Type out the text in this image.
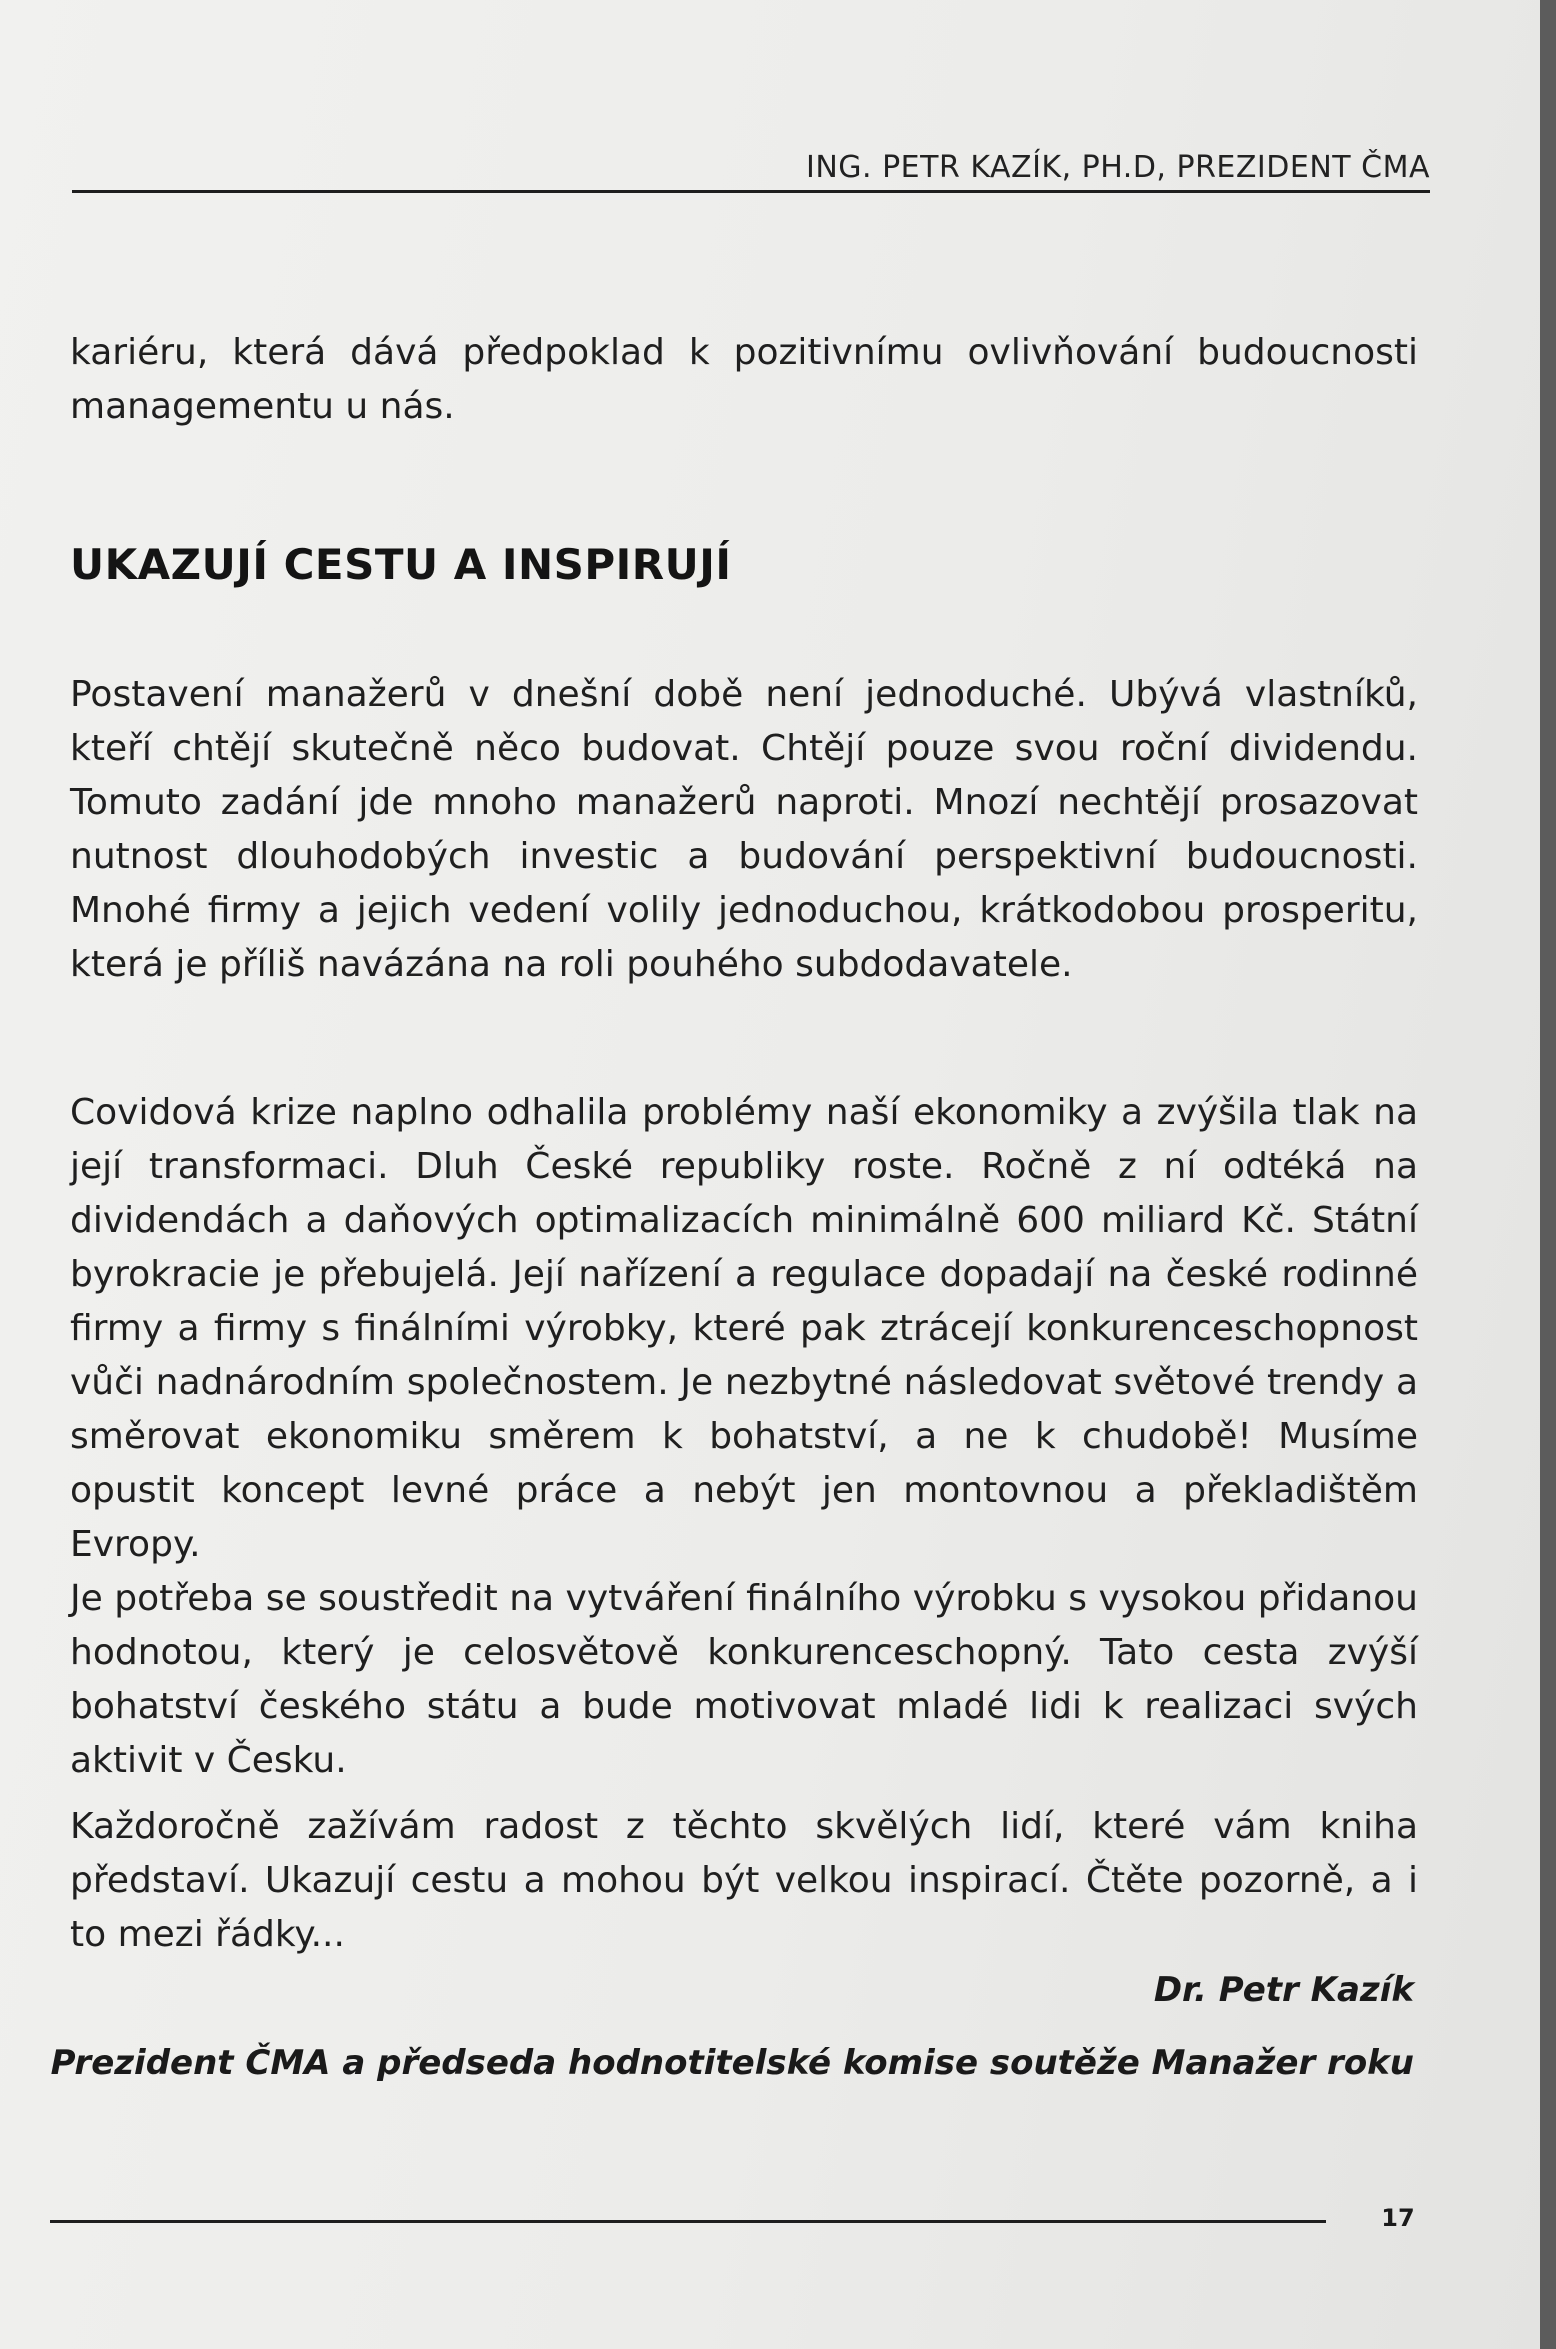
ING. PETR KAZÍK, PH.D, PREZIDENT ČMA
kariéru, která dává předpoklad k pozitivnímu ovlivňování budoucnosti managementu u nás.
UKAZUJÍ CESTU A INSPIRUJÍ
Postavení manažerů v dnešní době není jednoduché. Ubývá vlastníků, kteří chtějí skutečně něco budovat. Chtějí pouze svou roční dividendu. Tomuto zadání jde mnoho manažerů naproti. Mnozí nechtějí prosazovat nutnost dlouhodobých investic a budování perspektivní budoucnosti. Mnohé firmy a jejich vedení volily jednoduchou, krátkodobou prosperitu, která je příliš navázána na roli pouhého subdodavatele.
Covidová krize naplno odhalila problémy naší ekonomiky a zvýšila tlak na její transformaci. Dluh České republiky roste. Ročně z ní odtéká na dividendách a daňových optimalizacích minimálně 600 miliard Kč. Státní byrokracie je přebujelá. Její nařízení a regulace dopadají na české rodinné firmy a firmy s finálními výrobky, které pak ztrácejí konkurenceschopnost vůči nadnárodním společnostem. Je nezbytné následovat světové trendy a směrovat ekonomiku směrem k bohatství, a ne k chudobě! Musíme opustit koncept levné práce a nebýt jen montovnou a překladištěm Evropy.
Je potřeba se soustředit na vytváření finálního výrobku s vysokou přidanou hodnotou, který je celosvětově konkurenceschopný. Tato cesta zvýší bohatství českého státu a bude motivovat mladé lidi k realizaci svých aktivit v Česku.
Každoročně zažívám radost z těchto skvělých lidí, které vám kniha představí. Ukazují cestu a mohou být velkou inspirací. Čtěte pozorně, a i to mezi řádky...
Dr. Petr Kazík
Prezident ČMA a předseda hodnotitelské komise soutěže Manažer roku
17
